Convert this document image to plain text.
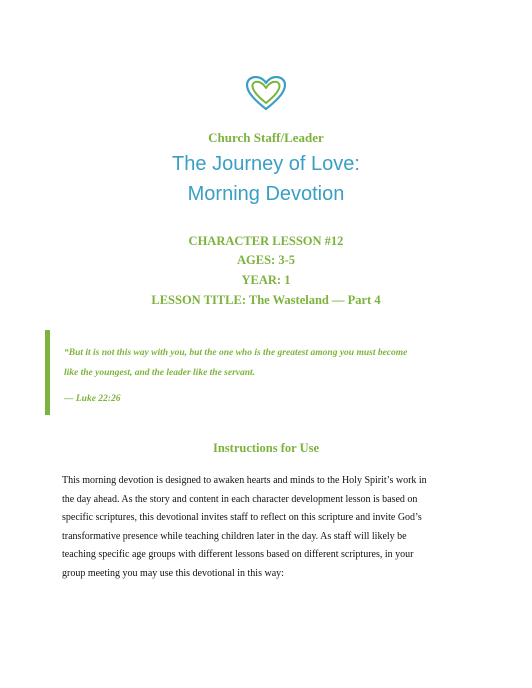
Church Staff/Leader
The Journey of Love:
Morning Devotion
CHARACTER LESSON #12
AGES: 3-5
YEAR: 1
LESSON TITLE: The Wasteland — Part 4
“But it is not this way with you, but the one who is the greatest among you must become
like the youngest, and the leader like the servant.
— Luke 22:26
Instructions for Use
This morning devotion is designed to awaken hearts and minds to the Holy Spirit’s work in
the day ahead. As the story and content in each character development lesson is based on
specific scriptures, this devotional invites staff to reflect on this scripture and invite God’s
transformative presence while teaching children later in the day. As staff will likely be
teaching specific age groups with different lessons based on different scriptures, in your
group meeting you may use this devotional in this way:
